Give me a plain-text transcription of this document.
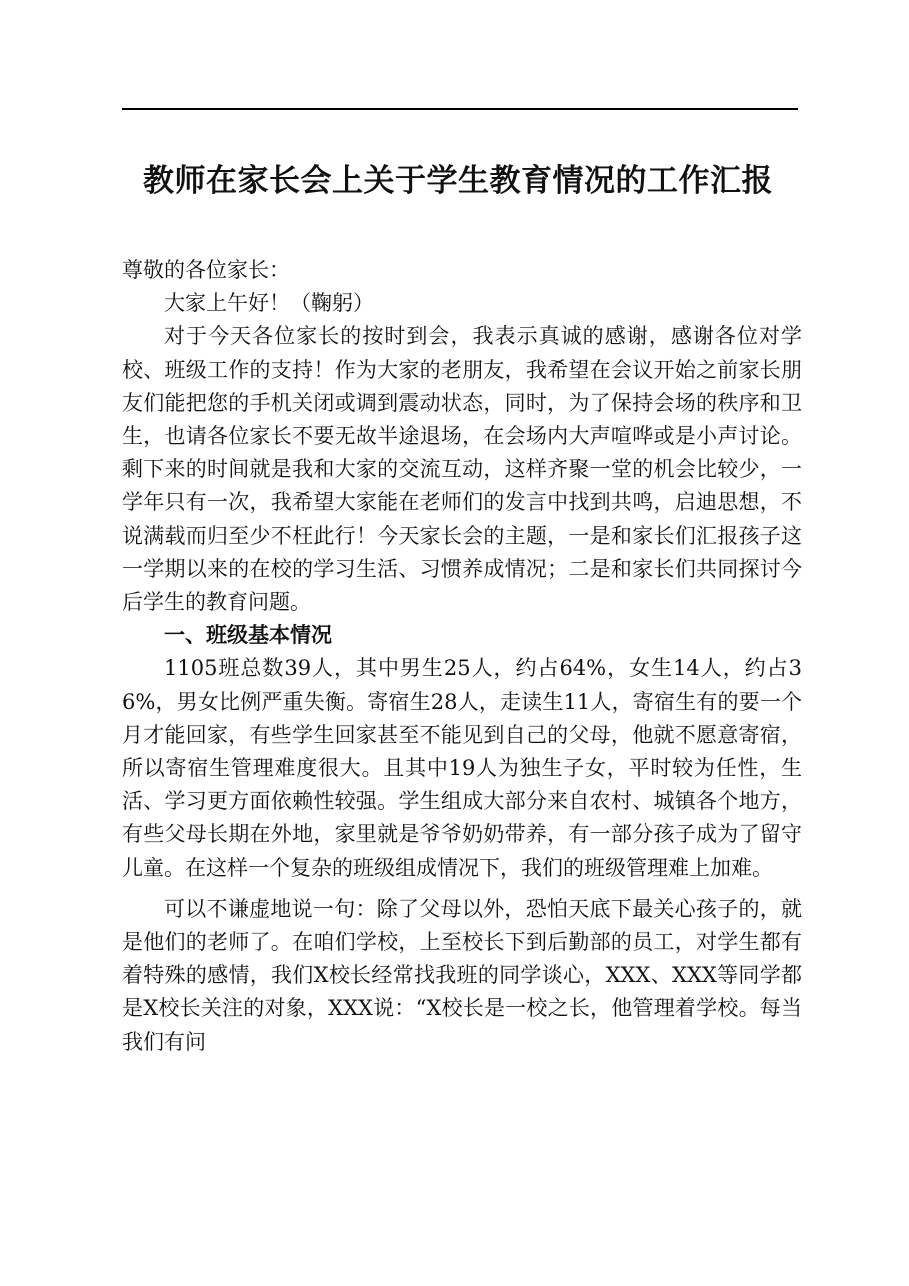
教师在家长会上关于学生教育情况的工作汇报

尊敬的各位家长：

大家上午好！（鞠躬）

对于今天各位家长的按时到会，我表示真诚的感谢，感谢各位对学校、班级工作的支持！作为大家的老朋友，我希望在会议开始之前家长朋友们能把您的手机关闭或调到震动状态，同时，为了保持会场的秩序和卫生，也请各位家长不要无故半途退场，在会场内大声喧哗或是小声讨论。剩下来的时间就是我和大家的交流互动，这样齐聚一堂的机会比较少，一学年只有一次，我希望大家能在老师们的发言中找到共鸣，启迪思想，不说满载而归至少不枉此行！今天家长会的主题，一是和家长们汇报孩子这一学期以来的在校的学习生活、习惯养成情况；二是和家长们共同探讨今后学生的教育问题。

一、班级基本情况

1105班总数39人，其中男生25人，约占64%，女生14人，约占36%，男女比例严重失衡。寄宿生28人，走读生11人，寄宿生有的要一个月才能回家，有些学生回家甚至不能见到自己的父母，他就不愿意寄宿，所以寄宿生管理难度很大。且其中19人为独生子女，平时较为任性，生活、学习更方面依赖性较强。学生组成大部分来自农村、城镇各个地方，有些父母长期在外地，家里就是爷爷奶奶带养，有一部分孩子成为了留守儿童。在这样一个复杂的班级组成情况下，我们的班级管理难上加难。

可以不谦虚地说一句：除了父母以外，恐怕天底下最关心孩子的，就是他们的老师了。在咱们学校，上至校长下到后勤部的员工，对学生都有着特殊的感情，我们X校长经常找我班的同学谈心，XXX、XXX等同学都是X校长关注的对象，XXX说：“X校长是一校之长，他管理着学校。每当我们有问
